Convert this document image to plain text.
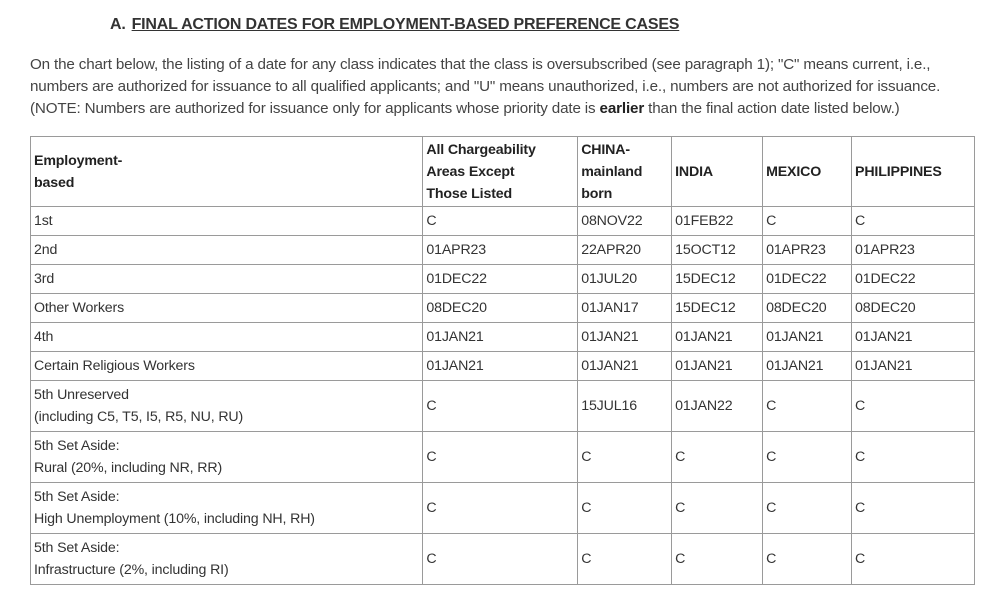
A. FINAL ACTION DATES FOR EMPLOYMENT-BASED PREFERENCE CASES

On the chart below, the listing of a date for any class indicates that the class is oversubscribed (see paragraph 1); "C" means current, i.e., numbers are authorized for issuance to all qualified applicants; and "U" means unauthorized, i.e., numbers are not authorized for issuance. (NOTE: Numbers are authorized for issuance only for applicants whose priority date is earlier than the final action date listed below.)

Employment-
based	All Chargeability
Areas Except
Those Listed	CHINA-
mainland
born	INDIA	MEXICO	PHILIPPINES
1st	C	08NOV22	01FEB22	C	C
2nd	01APR23	22APR20	15OCT12	01APR23	01APR23
3rd	01DEC22	01JUL20	15DEC12	01DEC22	01DEC22
Other Workers	08DEC20	01JAN17	15DEC12	08DEC20	08DEC20
4th	01JAN21	01JAN21	01JAN21	01JAN21	01JAN21
Certain Religious Workers	01JAN21	01JAN21	01JAN21	01JAN21	01JAN21
5th Unreserved
(including C5, T5, I5, R5, NU, RU)	C	15JUL16	01JAN22	C	C
5th Set Aside:
Rural (20%, including NR, RR)	C	C	C	C	C
5th Set Aside:
High Unemployment (10%, including NH, RH)	C	C	C	C	C
5th Set Aside:
Infrastructure (2%, including RI)	C	C	C	C	C
